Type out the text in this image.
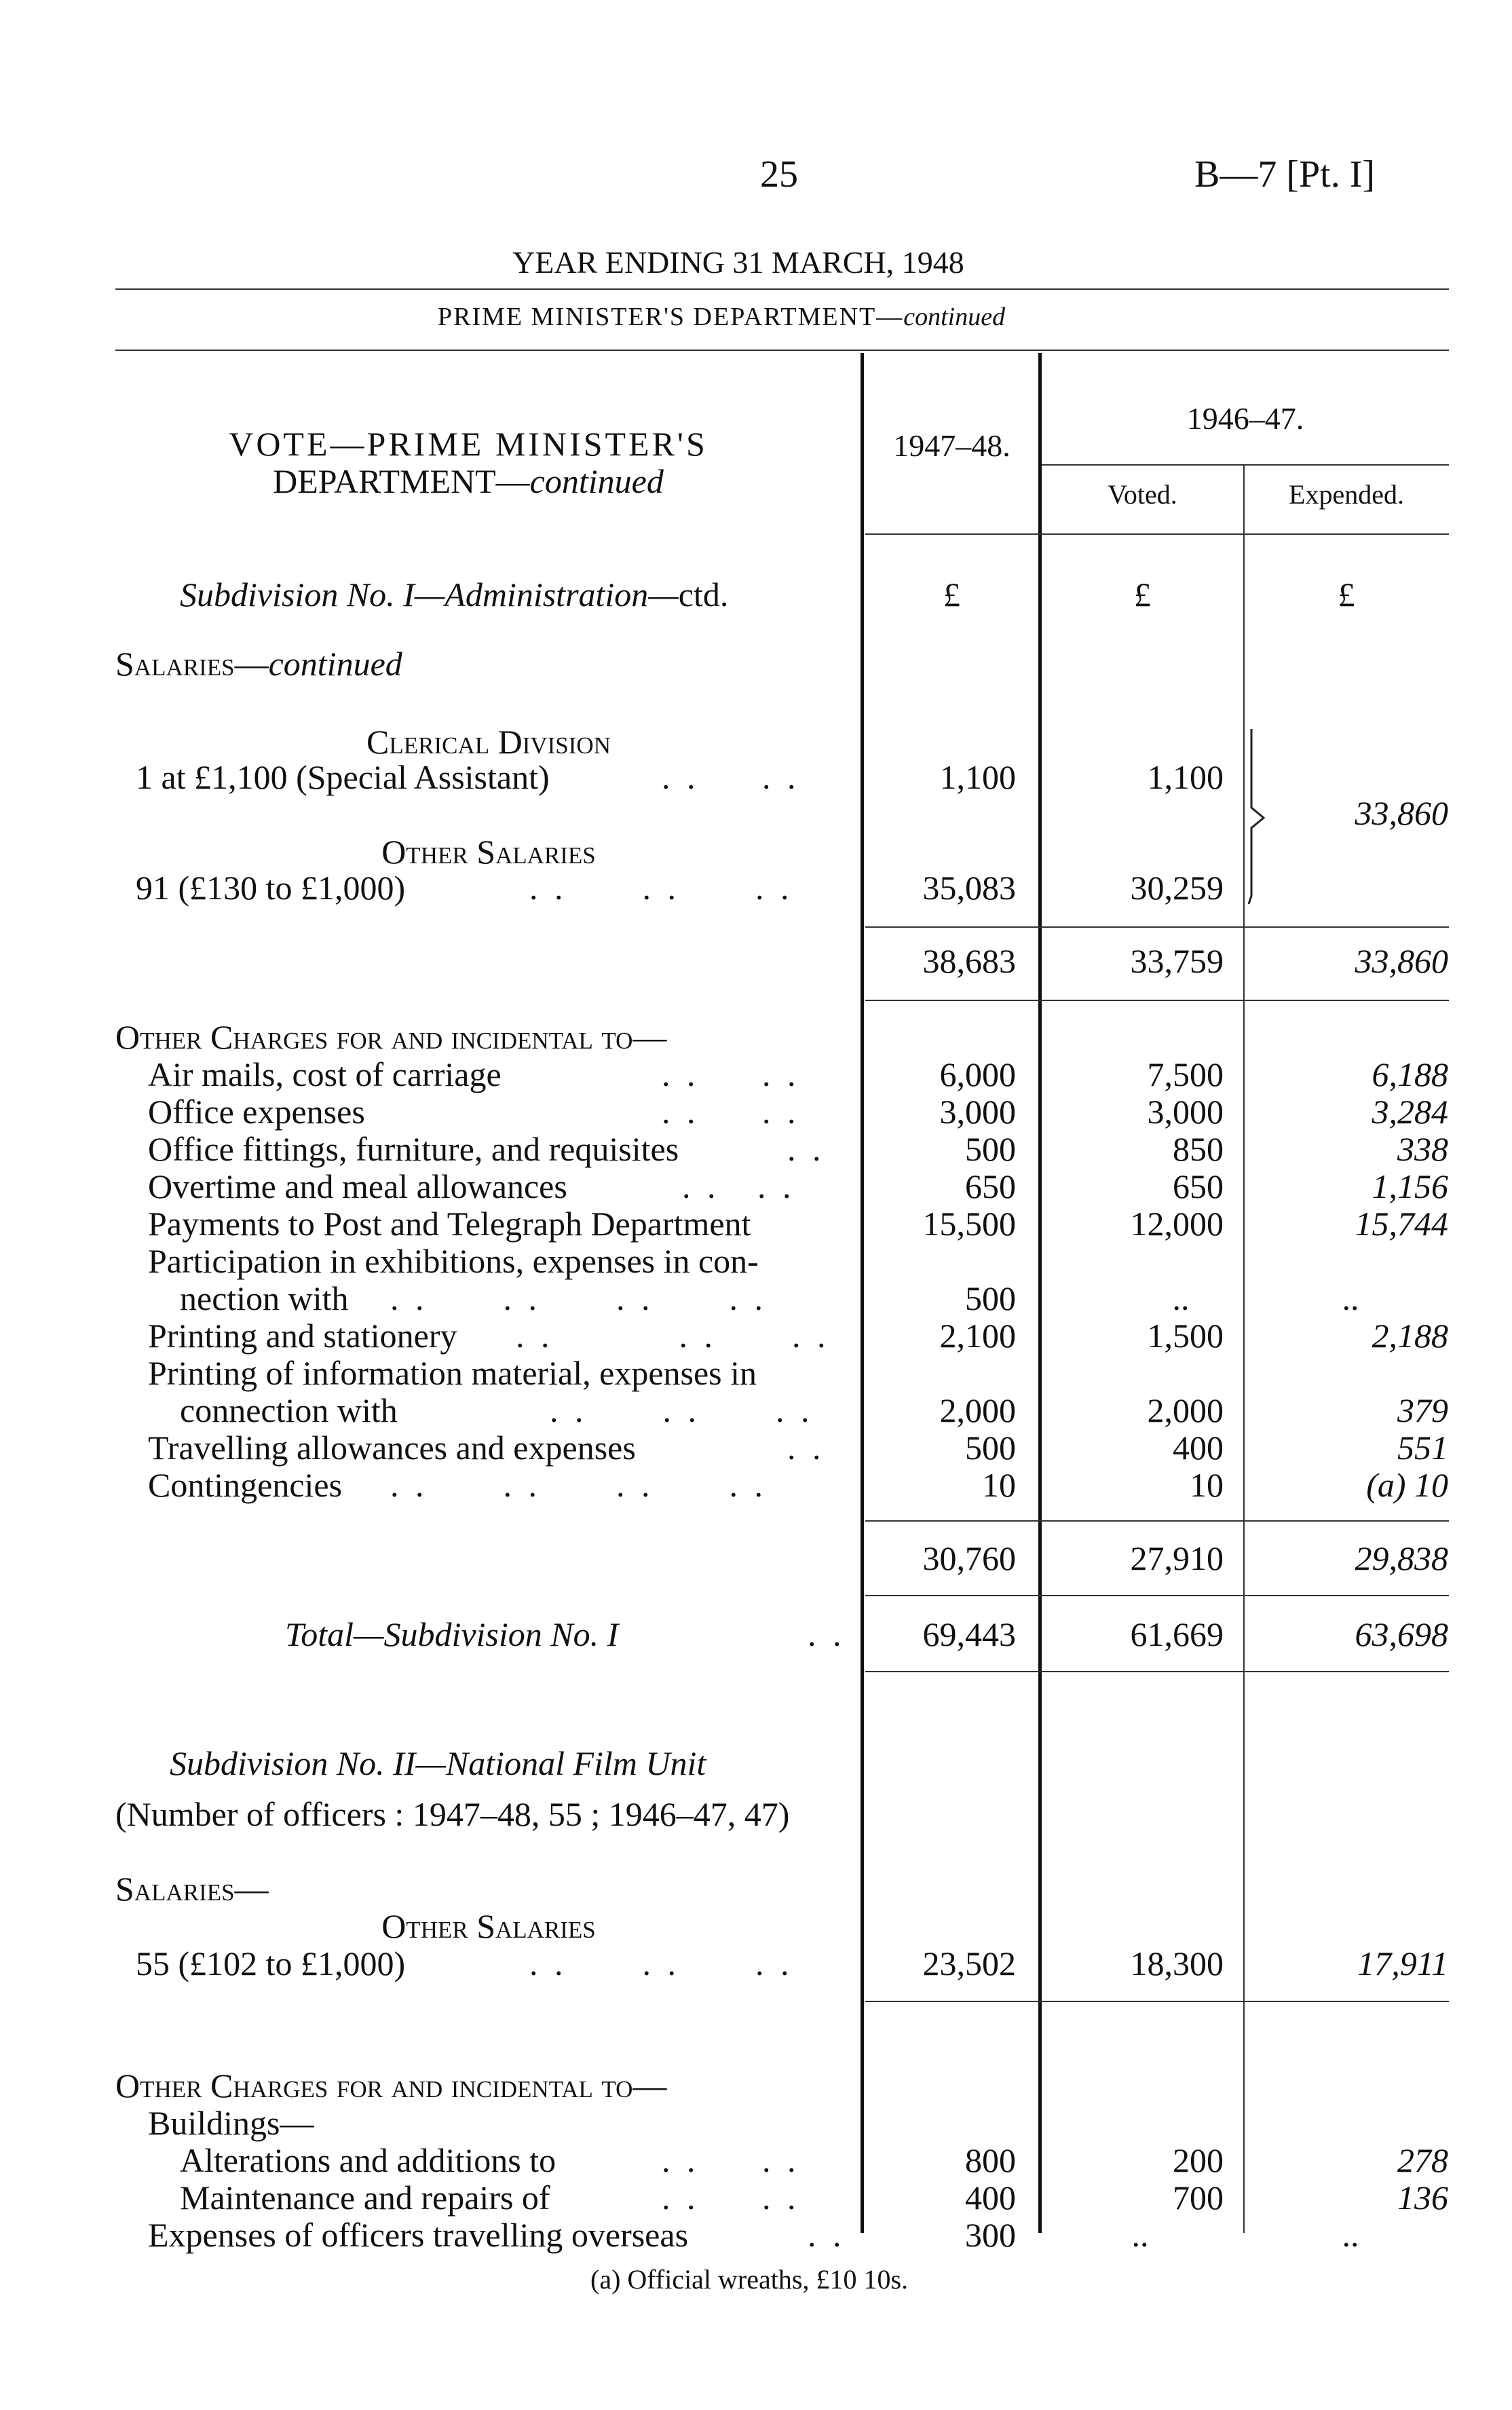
25	B—7 [Pt. I]
YEAR ENDING 31 MARCH, 1948
PRIME MINISTER'S DEPARTMENT—continued
VOTE—PRIME MINISTER'S
DEPARTMENT—continued
1947–48.
1946–47.
Voted.	Expended.
Subdivision No. I—Administration—ctd.	£	£	£
Salaries—continued
Clerical Division
1 at £1,100 (Special Assistant)	. .     . .	1,100	1,100
Other Salaries
91 (£130 to £1,000)	. .      . .      . .	35,083	30,259
33,860
38,683	33,759	33,860
Other Charges for and incidental to—
Air mails, cost of carriage	. .     . .	6,000	7,500	6,188
Office expenses	. .     . .	3,000	3,000	3,284
Office fittings, furniture, and requisites	. .	500	850	338
Overtime and meal allowances	. .   . .	650	650	1,156
Payments to Post and Telegraph Department	15,500	12,000	15,744
Participation in exhibitions, expenses in con-
nection with . .      . .      . .      . .	500	..	..
Printing and stationery . .          . .      . .	2,100	1,500	2,188
Printing of information material, expenses in
connection with	. .      . .      . .	2,000	2,000	379
Travelling allowances and expenses	. .	500	400	551
Contingencies . .      . .      . .      . .	10	10	(a) 10
30,760	27,910	29,838
Total—Subdivision No. I	. .	69,443	61,669	63,698
Subdivision No. II—National Film Unit
(Number of officers : 1947–48, 55 ; 1946–47, 47)
Salaries—
Other Salaries
55 (£102 to £1,000)	. .      . .      . .	23,502	18,300	17,911
Other Charges for and incidental to—
Buildings—
Alterations and additions to	. .     . .	800	200	278
Maintenance and repairs of	. .     . .	400	700	136
Expenses of officers travelling overseas	. .	300	..	..
(a) Official wreaths, £10 10s.
